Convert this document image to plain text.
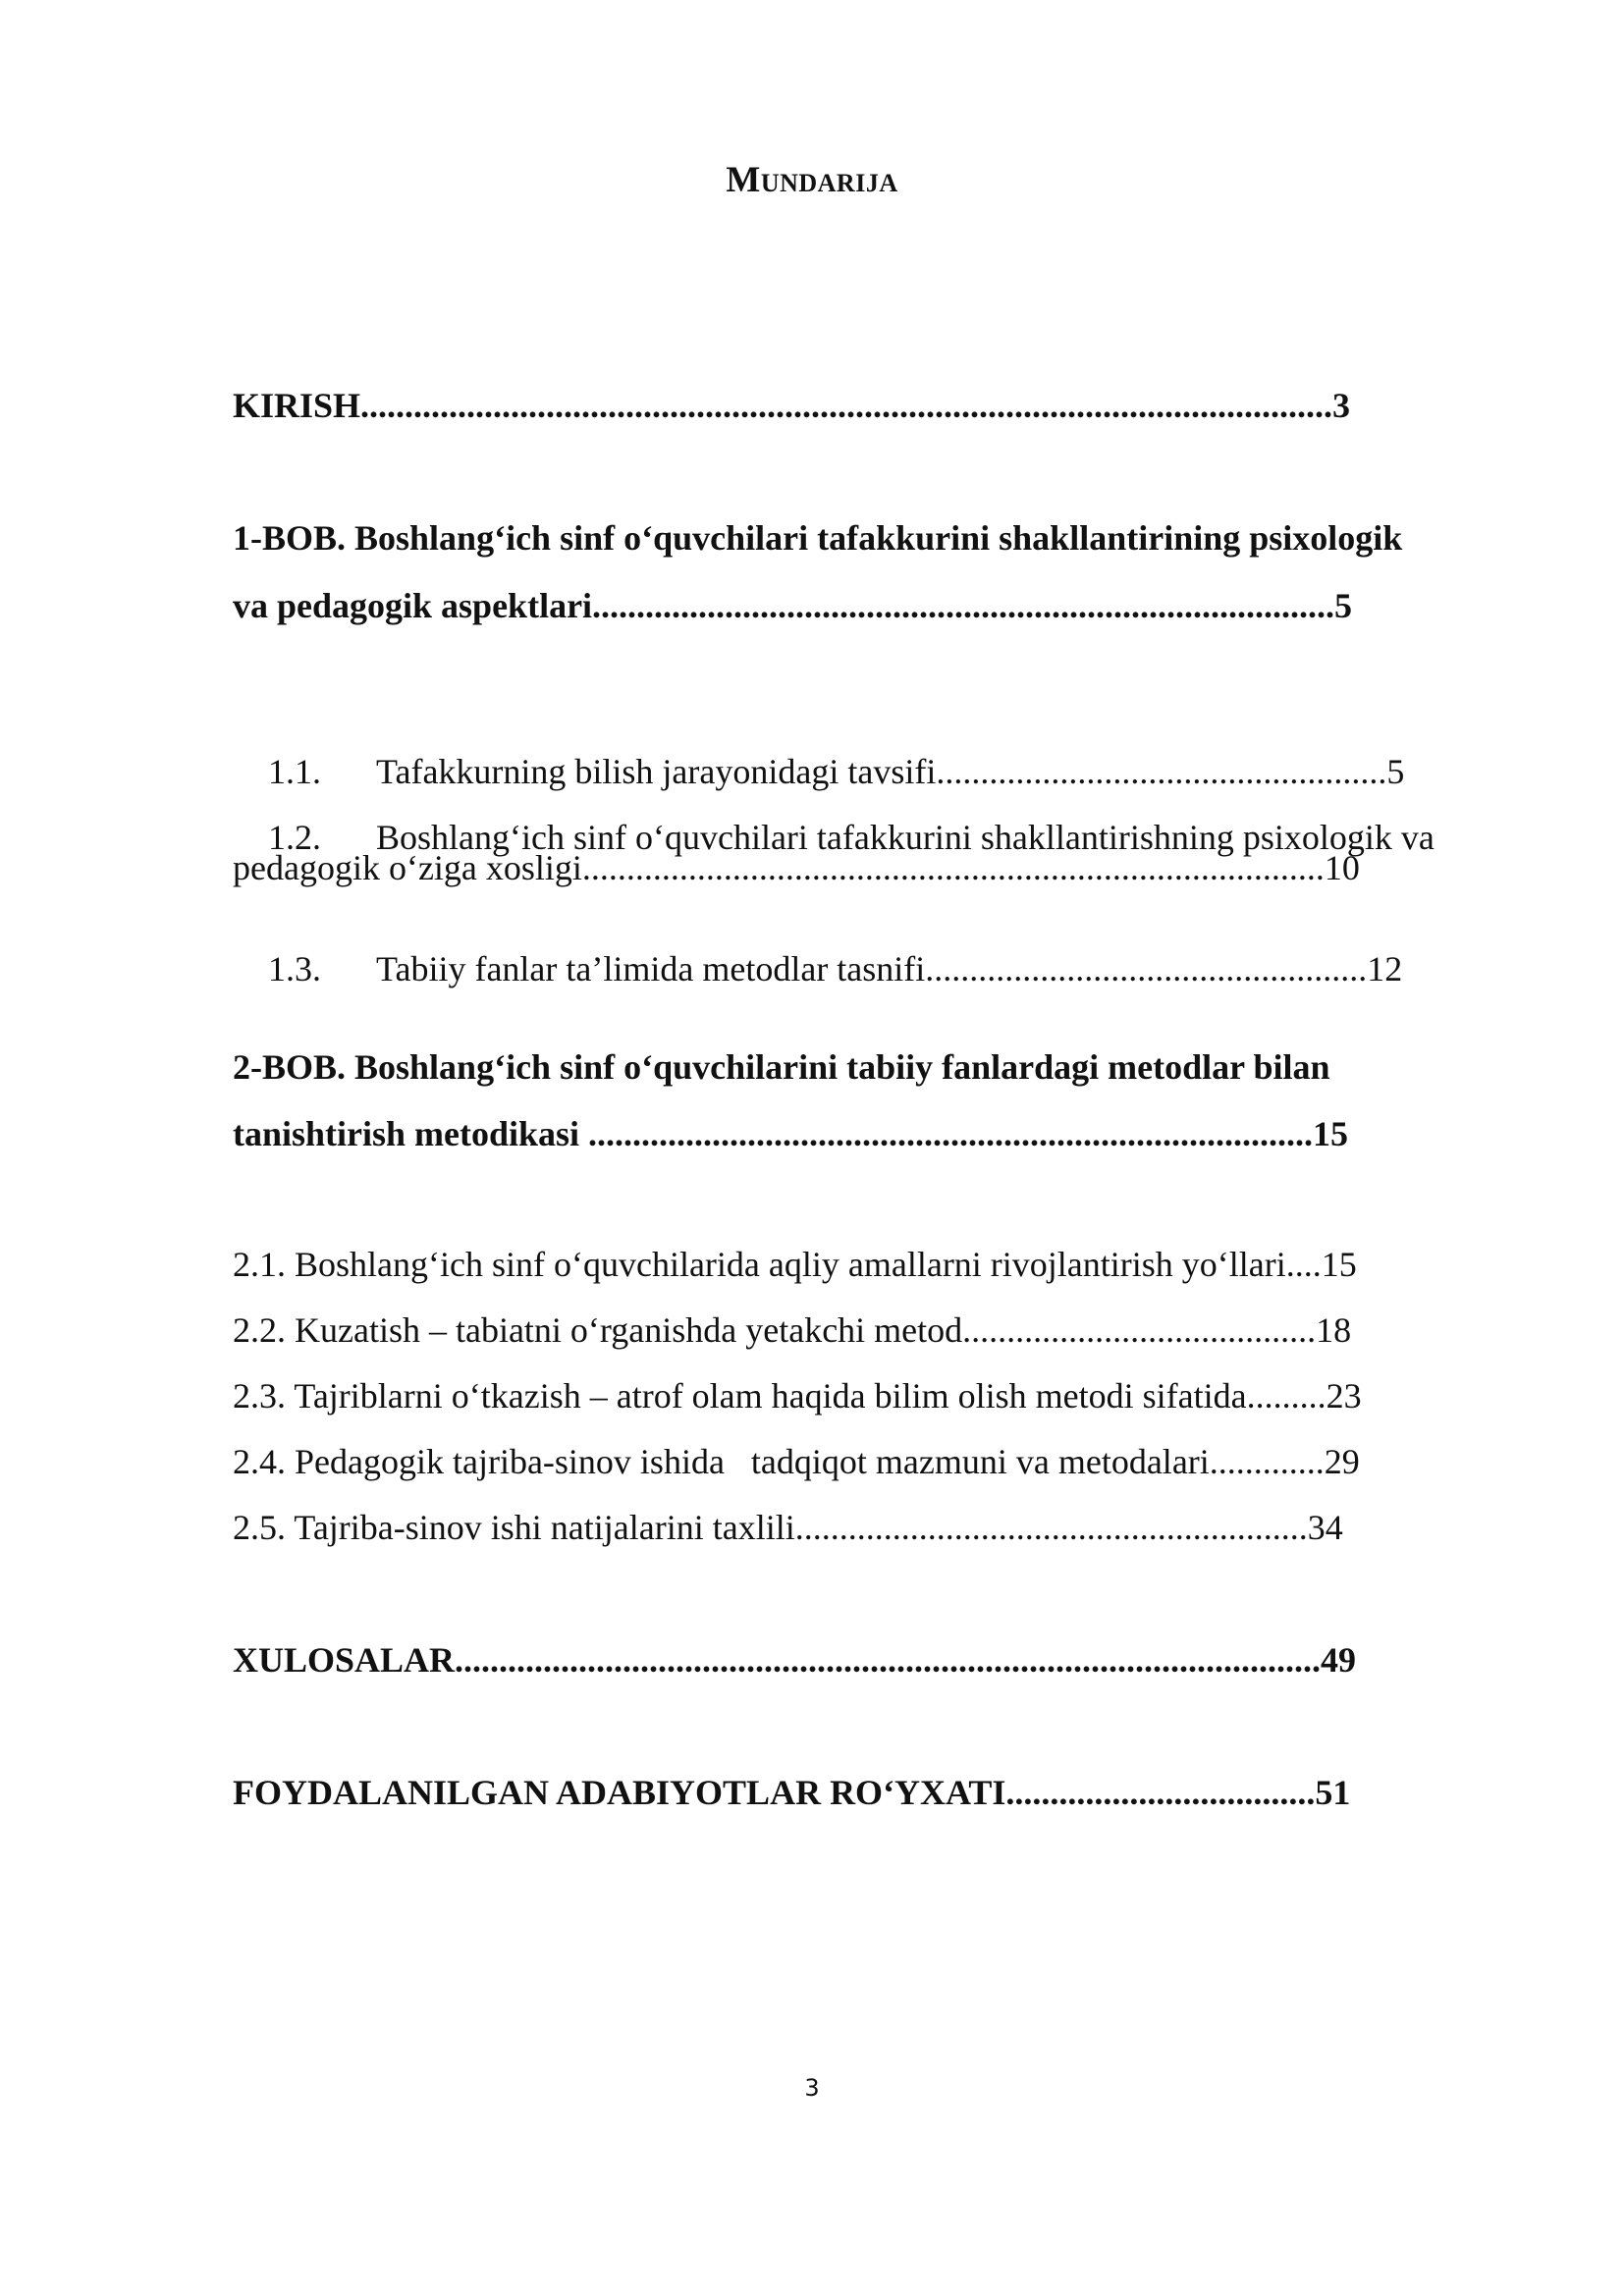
Mundarija
KIRISH..............................................................................................................3
1-BOB. Boshlang‘ich sinf o‘quvchilari tafakkurini shakllantirining psixologik
va pedagogik aspektlari....................................................................................5

1.1. Tafakkurning bilish jarayonidagi tavsifi...................................................5

1.2. Boshlang‘ich sinf o‘quvchilari tafakkurini shakllantirishning psixologik va

pedagogik o‘ziga xosligi....................................................................................10

1.3. Tabiiy fanlar ta’limida metodlar tasnifi..................................................12

2-BOB. Boshlang‘ich sinf o‘quvchilarini tabiiy fanlardagi metodlar bilan
tanishtirish metodikasi ..................................................................................15
2.1. Boshlang‘ich sinf o‘quvchilarida aqliy amallarni rivojlantirish yo‘llari....15
2.2. Kuzatish – tabiatni o‘rganishda yetakchi metod........................................18
2.3. Tajriblarni o‘tkazish – atrof olam haqida bilim olish metodi sifatida.........23
2.4. Pedagogik tajriba-sinov ishida   tadqiqot mazmuni va metodalari.............29
2.5. Tajriba-sinov ishi natijalarini taxlili..........................................................34
XULOSALAR..................................................................................................49
FOYDALANILGAN ADABIYOTLAR RO‘YXATI...................................51
3
